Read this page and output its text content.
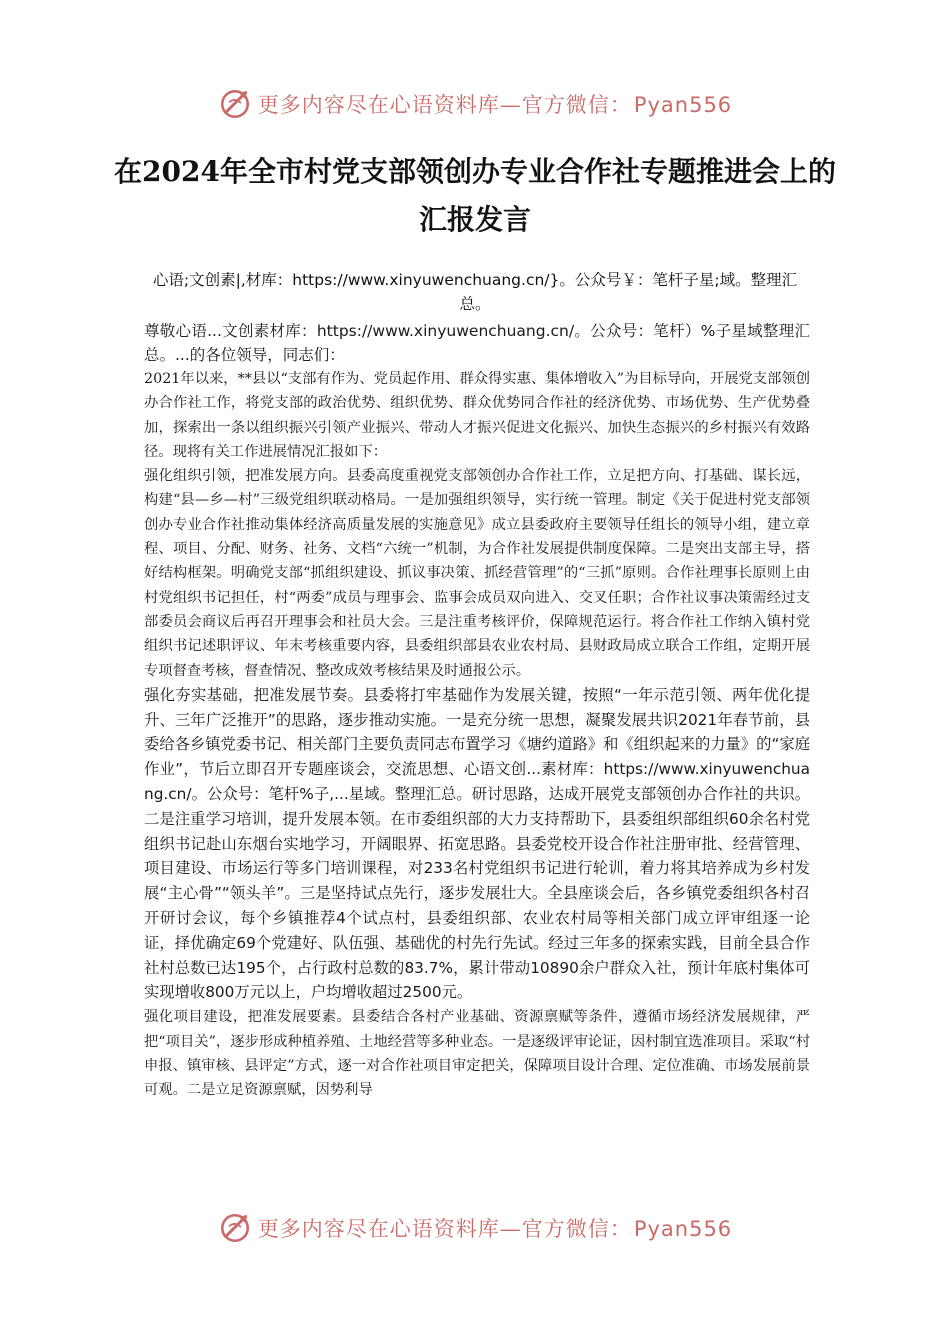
更多内容尽在心语资料库—官方微信：Pyan556
在2024年全市村党支部领创办专业合作社专题推进会上的汇报发言
心语;文创素|,材库：https://www.xinyuwenchuang.cn/}。公众号￥：笔杆子星;域。整理汇总。

尊敬心语...文创素材库：https://www.xinyuwenchuang.cn/。公众号：笔杆）%子星域整理汇总。...的各位领导，同志们：

2021年以来，**县以“支部有作为、党员起作用、群众得实惠、集体增收入”为目标导向，开展党支部领创办合作社工作，将党支部的政治优势、组织优势、群众优势同合作社的经济优势、市场优势、生产优势叠加，探索出一条以组织振兴引领产业振兴、带动人才振兴促进文化振兴、加快生态振兴的乡村振兴有效路径。现将有关工作进展情况汇报如下：

强化组织引领，把准发展方向。县委高度重视党支部领创办合作社工作，立足把方向、打基础、谋长远，构建“县—乡—村”三级党组织联动格局。一是加强组织领导，实行统一管理。制定《关于促进村党支部领创办专业合作社推动集体经济高质量发展的实施意见》成立县委政府主要领导任组长的领导小组，建立章程、项目、分配、财务、社务、文档“六统一”机制，为合作社发展提供制度保障。二是突出支部主导，搭好结构框架。明确党支部“抓组织建设、抓议事决策、抓经营管理”的“三抓”原则。合作社理事长原则上由村党组织书记担任，村“两委”成员与理事会、监事会成员双向进入、交叉任职；合作社议事决策需经过支部委员会商议后再召开理事会和社员大会。三是注重考核评价，保障规范运行。将合作社工作纳入镇村党组织书记述职评议、年末考核重要内容，县委组织部县农业农村局、县财政局成立联合工作组，定期开展专项督查考核，督查情况、整改成效考核结果及时通报公示。

强化夯实基础，把准发展节奏。县委将打牢基础作为发展关键，按照“一年示范引领、两年优化提升、三年广泛推开”的思路，逐步推动实施。一是充分统一思想，凝聚发展共识2021年春节前，县委给各乡镇党委书记、相关部门主要负责同志布置学习《塘约道路》和《组织起来的力量》的“家庭作业”，节后立即召开专题座谈会，交流思想、心语文创...素材库：https://www.xinyuwenchuang.cn/。公众号：笔杆%子,...星域。整理汇总。研讨思路，达成开展党支部领创办合作社的共识。二是注重学习培训，提升发展本领。在市委组织部的大力支持帮助下，县委组织部组织60余名村党组织书记赴山东烟台实地学习，开阔眼界、拓宽思路。县委党校开设合作社注册审批、经营管理、项目建设、市场运行等多门培训课程，对233名村党组织书记进行轮训，着力将其培养成为乡村发展“主心骨”“领头羊”。三是坚持试点先行，逐步发展壮大。全县座谈会后，各乡镇党委组织各村召开研讨会议，每个乡镇推荐4个试点村，县委组织部、农业农村局等相关部门成立评审组逐一论证，择优确定69个党建好、队伍强、基础优的村先行先试。经过三年多的探索实践，目前全县合作社村总数已达195个，占行政村总数的83.7%，累计带动10890余户群众入社，预计年底村集体可实现增收800万元以上，户均增收超过2500元。

强化项目建设，把准发展要素。县委结合各村产业基础、资源禀赋等条件，遵循市场经济发展规律，严把“项目关”，逐步形成种植养殖、土地经营等多种业态。一是逐级评审论证，因村制宜选准项目。采取“村申报、镇审核、县评定”方式，逐一对合作社项目审定把关，保障项目设计合理、定位准确、市场发展前景可观。二是立足资源禀赋，因势利导

更多内容尽在心语资料库—官方微信：Pyan556
